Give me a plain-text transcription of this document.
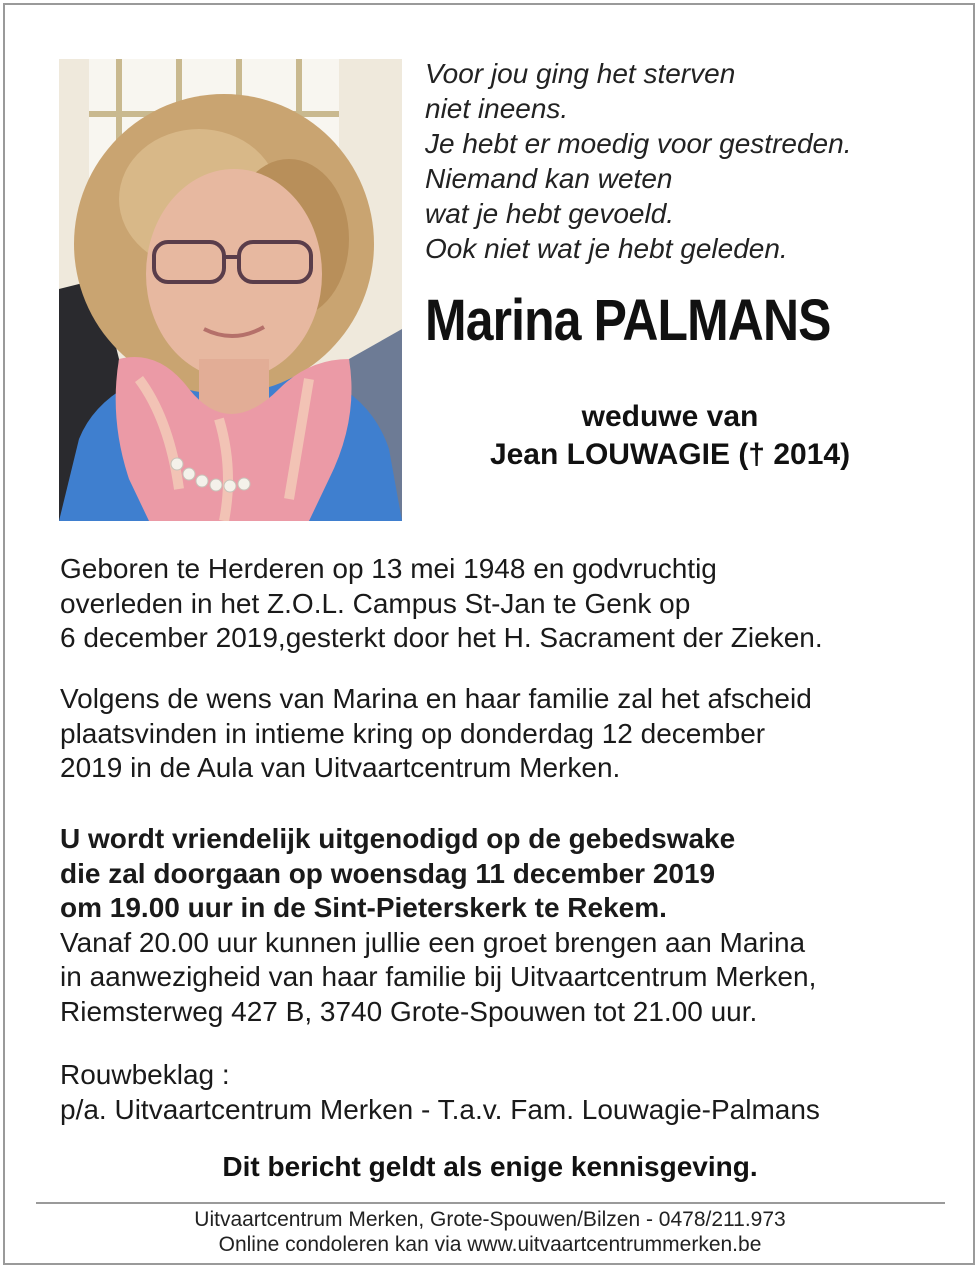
Voor jou ging het sterven
niet ineens.
Je hebt er moedig voor gestreden.
Niemand kan weten
wat je hebt gevoeld.
Ook niet wat je hebt geleden.
Marina PALMANS
weduwe van
Jean LOUWAGIE († 2014)
Geboren te Herderen op 13 mei 1948 en godvruchtig
overleden in het Z.O.L. Campus St-Jan te Genk op
6 december 2019,gesterkt door het H. Sacrament der Zieken.
Volgens de wens van Marina en haar familie zal het afscheid
plaatsvinden in intieme kring op donderdag 12 december
2019 in de Aula van Uitvaartcentrum Merken.
U wordt vriendelijk uitgenodigd op de gebedswake
die zal doorgaan op woensdag 11 december 2019
om 19.00 uur in de Sint-Pieterskerk te Rekem.
Vanaf 20.00 uur kunnen jullie een groet brengen aan Marina
in aanwezigheid van haar familie bij Uitvaartcentrum Merken,
Riemsterweg 427 B, 3740 Grote-Spouwen tot 21.00 uur.
Rouwbeklag :
p/a. Uitvaartcentrum Merken - T.a.v. Fam. Louwagie-Palmans
Dit bericht geldt als enige kennisgeving.
Uitvaartcentrum Merken, Grote-Spouwen/Bilzen - 0478/211.973
Online condoleren kan via www.uitvaartcentrummerken.be
